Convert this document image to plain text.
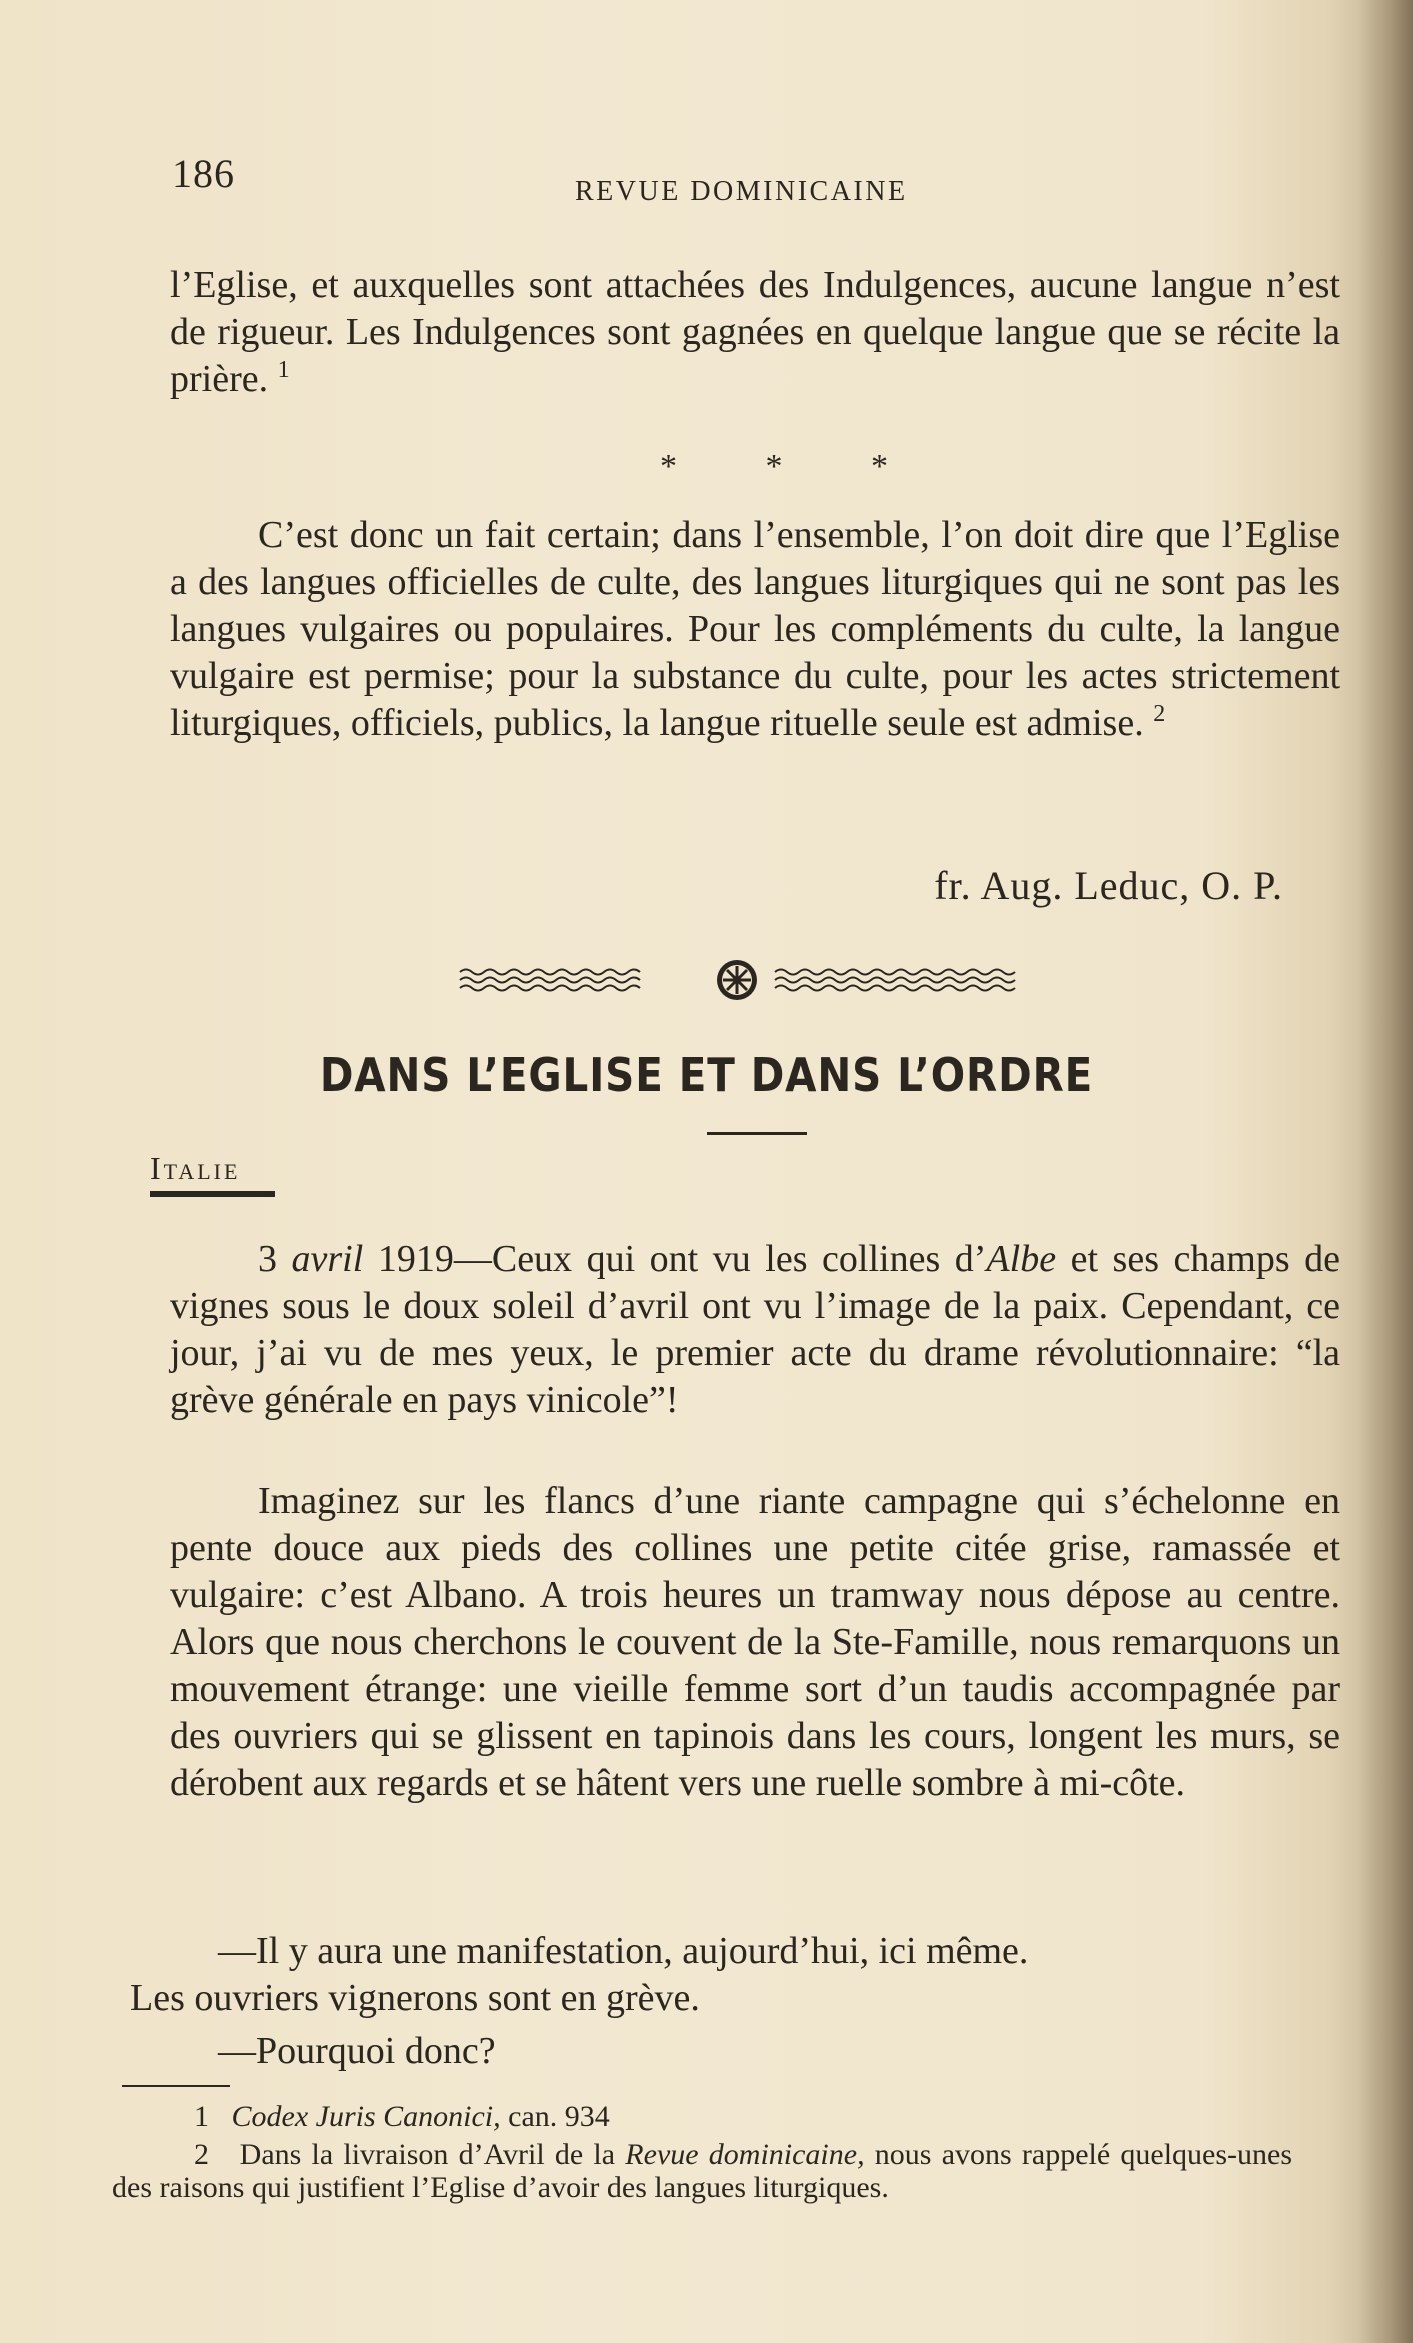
186	REVUE DOMINICAINE

l’Eglise, et auxquelles sont attachées des Indulgences, aucune langue n’est de rigueur. Les Indulgences sont gagnées en quelque langue que se récite la prière. $^1$

* * *

C’est donc un fait certain; dans l’ensemble, l’on doit dire que l’Eglise a des langues officielles de culte, des langues liturgiques qui ne sont pas les langues vulgaires ou populaires. Pour les compléments du culte, la langue vulgaire est permise; pour la substance du culte, pour les actes strictement liturgiques, officiels, publics, la langue rituelle seule est admise. $^2$

fr. Aug. Leduc, O. P.
DANS L’EGLISE ET DANS L’ORDRE
Italie

3 avril 1919—Ceux qui ont vu les collines d’Albe et ses champs de vignes sous le doux soleil d’avril ont vu l’image de la paix. Cependant, ce jour, j’ai vu de mes yeux, le premier acte du drame révolutionnaire: “la grève générale en pays vinicole”!

Imaginez sur les flancs d’une riante campagne qui s’échelonne en pente douce aux pieds des collines une petite citée grise, ramassée et vulgaire: c’est Albano. A trois heures un tramway nous dépose au centre. Alors que nous cherchons le couvent de la Ste-Famille, nous remarquons un mouvement étrange: une vieille femme sort d’un taudis accompagnée par des ouvriers qui se glissent en tapinois dans les cours, longent les murs, se dérobent aux regards et se hâtent vers une ruelle sombre à mi-côte.

—Il y aura une manifestation, aujourd’hui, ici même.
Les ouvriers vignerons sont en grève.
—Pourquoi donc?

1 Codex Juris Canonici, can. 934

2 Dans la livraison d’Avril de la Revue dominicaine, nous avons rappelé quelques-unes des raisons qui justifient l’Eglise d’avoir des langues liturgiques.
